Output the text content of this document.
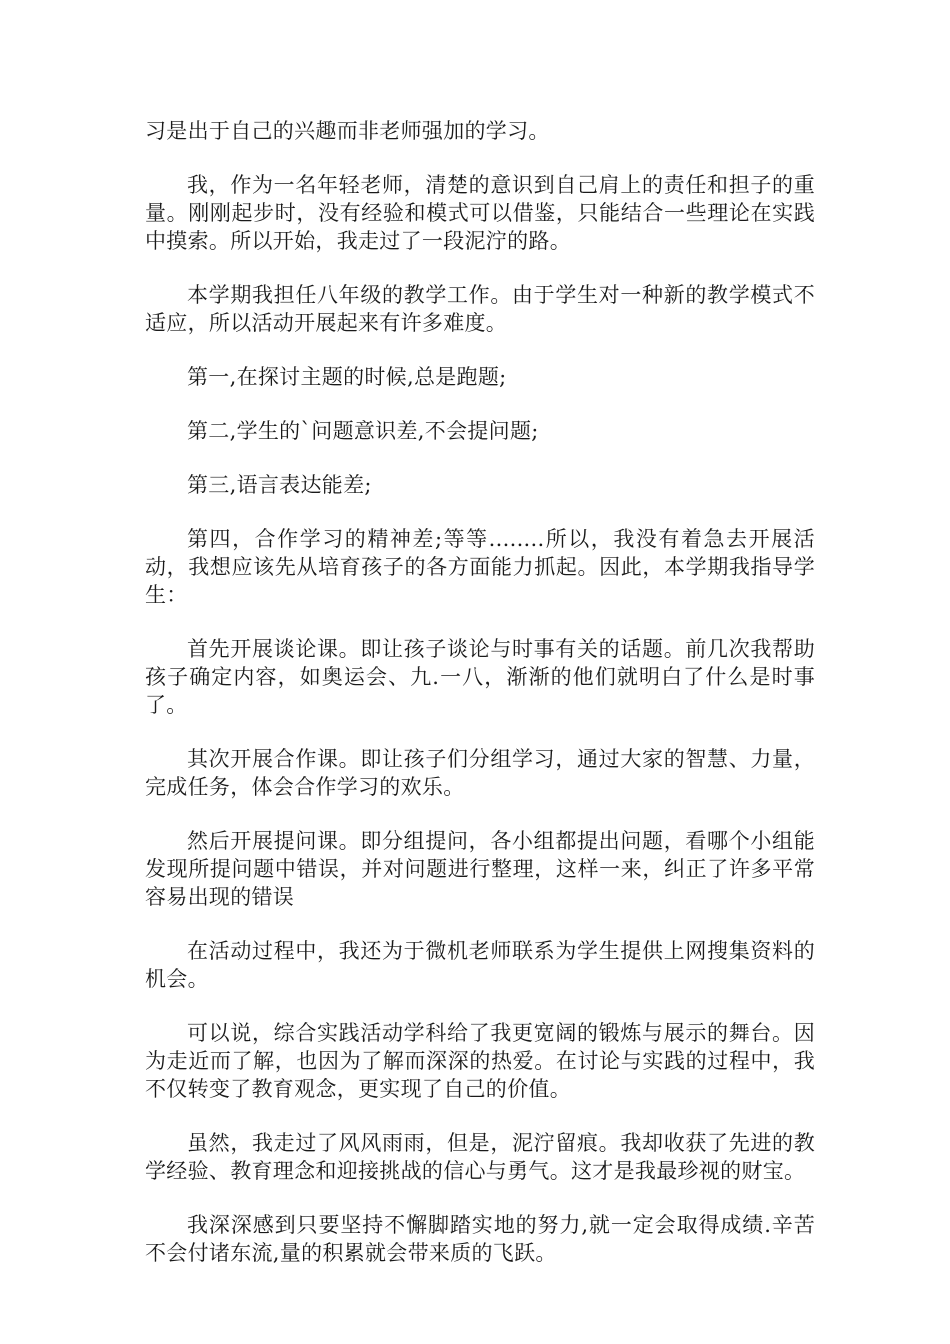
习是出于自己的兴趣而非老师强加的学习。

我，作为一名年轻老师，清楚的意识到自己肩上的责任和担子的重量。刚刚起步时，没有经验和模式可以借鉴，只能结合一些理论在实践中摸索。所以开始，我走过了一段泥泞的路。

本学期我担任八年级的教学工作。由于学生对一种新的教学模式不适应，所以活动开展起来有许多难度。

第一,在探讨主题的时候,总是跑题;

第二,学生的`问题意识差,不会提问题;

第三,语言表达能差;

第四，合作学习的精神差;等等........所以，我没有着急去开展活动，我想应该先从培育孩子的各方面能力抓起。因此，本学期我指导学生：

首先开展谈论课。即让孩子谈论与时事有关的话题。前几次我帮助孩子确定内容，如奥运会、九.一八，渐渐的他们就明白了什么是时事了。

其次开展合作课。即让孩子们分组学习，通过大家的智慧、力量，完成任务，体会合作学习的欢乐。

然后开展提问课。即分组提问，各小组都提出问题，看哪个小组能发现所提问题中错误，并对问题进行整理，这样一来，纠正了许多平常容易出现的错误

在活动过程中，我还为于微机老师联系为学生提供上网搜集资料的机会。

可以说，综合实践活动学科给了我更宽阔的锻炼与展示的舞台。因为走近而了解，也因为了解而深深的热爱。在讨论与实践的过程中，我不仅转变了教育观念，更实现了自己的价值。

虽然，我走过了风风雨雨，但是，泥泞留痕。我却收获了先进的教学经验、教育理念和迎接挑战的信心与勇气。这才是我最珍视的财宝。

我深深感到只要坚持不懈脚踏实地的努力,就一定会取得成绩.辛苦不会付诸东流,量的积累就会带来质的飞跃。
